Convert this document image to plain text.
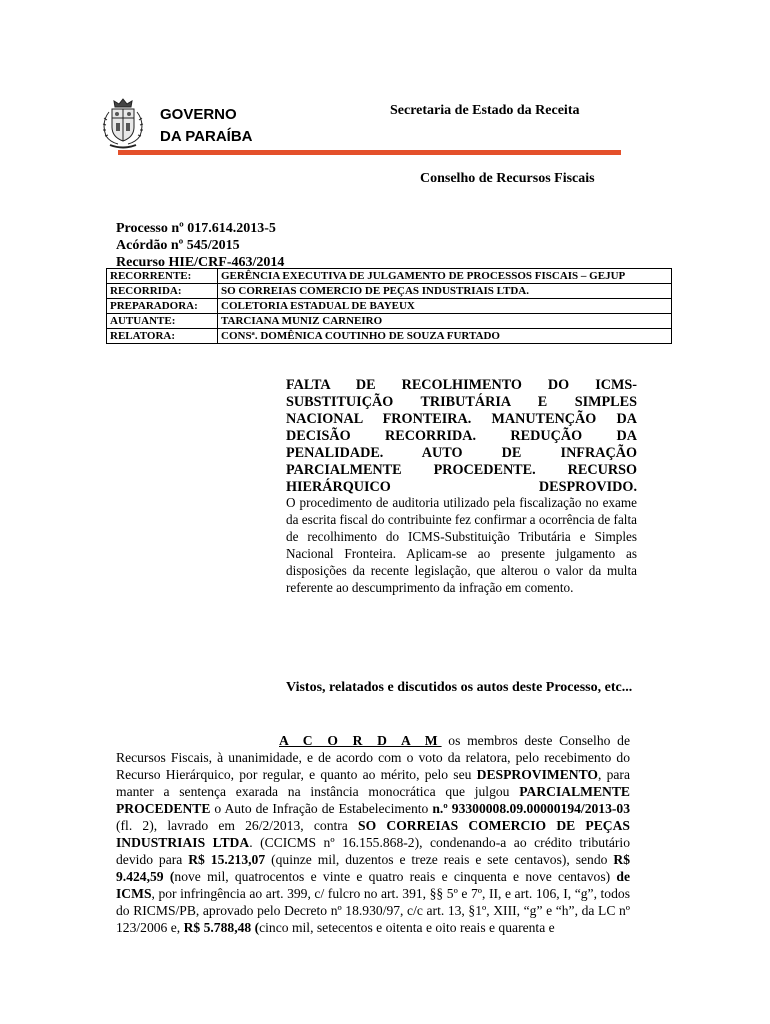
GOVERNO
DA PARAÍBA
Secretaria de Estado da Receita
Conselho de Recursos Fiscais
Processo nº 017.614.2013-5
Acórdão nº 545/2015
Recurso HIE/CRF-463/2014
RECORRENTE:	GERÊNCIA EXECUTIVA DE JULGAMENTO DE PROCESSOS FISCAIS – GEJUP
RECORRIDA:	SO CORREIAS COMERCIO DE PEÇAS INDUSTRIAIS LTDA.
PREPARADORA:	COLETORIA ESTADUAL DE BAYEUX
AUTUANTE:	TARCIANA MUNIZ CARNEIRO
RELATORA:	CONSª. DOMÊNICA COUTINHO DE SOUZA FURTADO
FALTA DE RECOLHIMENTO DO ICMS-SUBSTITUIÇÃO TRIBUTÁRIA E SIMPLES NACIONAL FRONTEIRA. MANUTENÇÃO DA DECISÃO RECORRIDA. REDUÇÃO DA PENALIDADE. AUTO DE INFRAÇÃO PARCIALMENTE PROCEDENTE. RECURSO HIERÁRQUICO DESPROVIDO.
O procedimento de auditoria utilizado pela fiscalização no exame da escrita fiscal do contribuinte fez confirmar a ocorrência de falta de recolhimento do ICMS-Substituição Tributária e Simples Nacional Fronteira. Aplicam-se ao presente julgamento as disposições da recente legislação, que alterou o valor da multa referente ao descumprimento da infração em comento.
Vistos, relatados e discutidos os autos deste Processo, etc...
A C O R D A M os membros deste Conselho de Recursos Fiscais, à unanimidade, e de acordo com o voto da relatora, pelo recebimento do Recurso Hierárquico, por regular, e quanto ao mérito, pelo seu DESPROVIMENTO, para manter a sentença exarada na instância monocrática que julgou PARCIALMENTE PROCEDENTE o Auto de Infração de Estabelecimento n.º 93300008.09.00000194/2013-03 (fl. 2), lavrado em 26/2/2013, contra SO CORREIAS COMERCIO DE PEÇAS INDUSTRIAIS LTDA. (CCICMS nº 16.155.868-2), condenando-a ao crédito tributário devido para R$ 15.213,07 (quinze mil, duzentos e treze reais e sete centavos), sendo R$ 9.424,59 (nove mil, quatrocentos e vinte e quatro reais e cinquenta e nove centavos) de ICMS, por infringência ao art. 399, c/ fulcro no art. 391, §§ 5º e 7º, II, e art. 106, I, “g”, todos do RICMS/PB, aprovado pelo Decreto nº 18.930/97, c/c art. 13, §1º, XIII, “g” e “h”, da LC nº 123/2006 e, R$ 5.788,48 (cinco mil, setecentos e oitenta e oito reais e quarenta e
